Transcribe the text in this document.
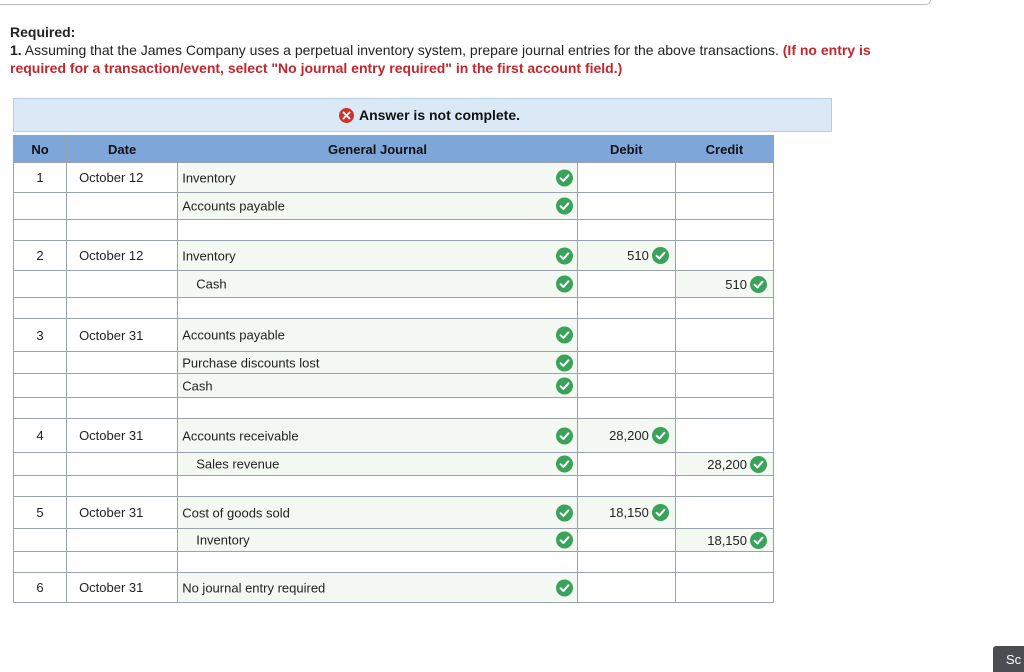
Required:
1. Assuming that the James Company uses a perpetual inventory system, prepare journal entries for the above transactions. (If no entry is required for a transaction/event, select "No journal entry required" in the first account field.)
Answer is not complete.
No	Date	General Journal	Debit	Credit
1	October 12	Inventory		

		Accounts payable		

2	October 12	Inventory	510	

		Cash		510

3	October 31	Accounts payable		

		Purchase discounts lost		

		Cash		

4	October 31	Accounts receivable	28,200	

		Sales revenue		28,200

5	October 31	Cost of goods sold	18,150	

		Inventory		18,150

6	October 31	No journal entry required		

Sc
